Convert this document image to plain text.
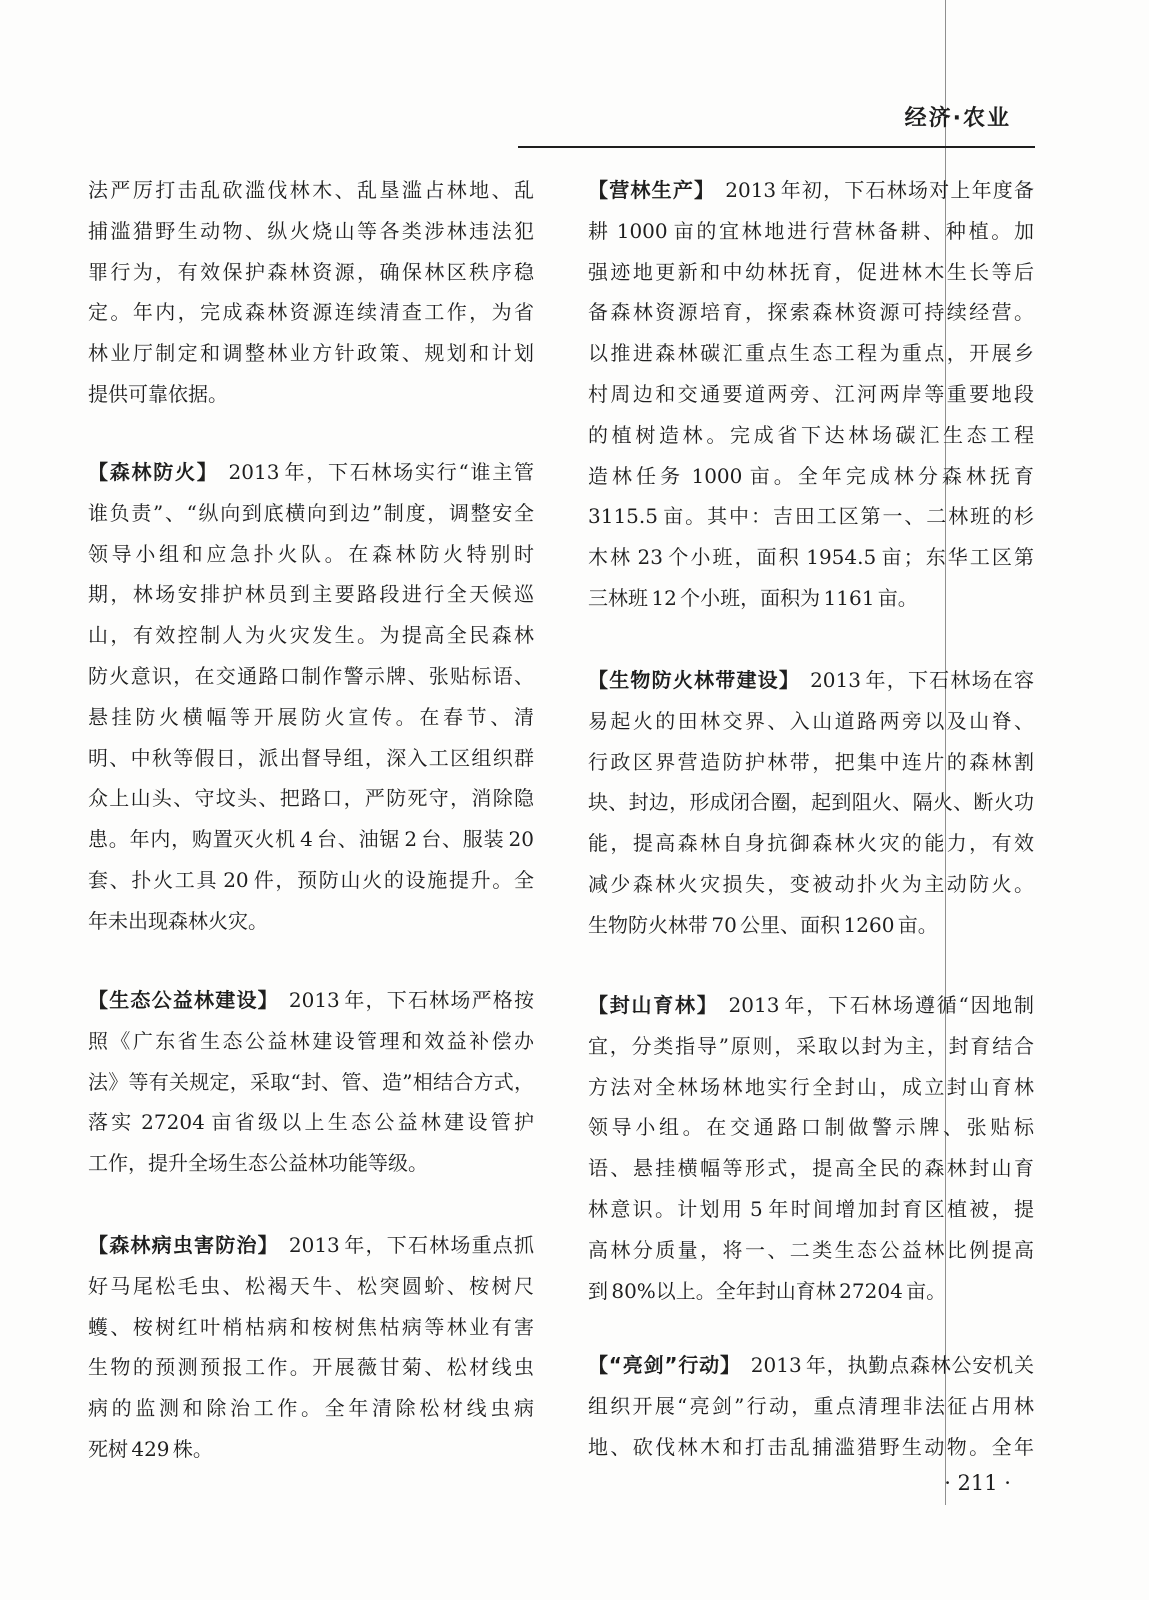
经济·农业
法严厉打击乱砍滥伐林木、乱垦滥占林地、乱
捕滥猎野生动物、纵火烧山等各类涉林违法犯
罪行为，有效保护森林资源，确保林区秩序稳
定。年内，完成森林资源连续清查工作，为省
林业厅制定和调整林业方针政策、规划和计划
提供可靠依据。
【森林防火】 2013 年，下石林场实行“谁主管
谁负责”、“纵向到底横向到边”制度，调整安全
领导小组和应急扑火队。在森林防火特别时
期，林场安排护林员到主要路段进行全天候巡
山，有效控制人为火灾发生。为提高全民森林
防火意识，在交通路口制作警示牌、张贴标语、
悬挂防火横幅等开展防火宣传。在春节、清
明、中秋等假日，派出督导组，深入工区组织群
众上山头、守坟头、把路口，严防死守，消除隐
患。年内，购置灭火机 4 台、油锯 2 台、服装 20
套、扑火工具 20 件，预防山火的设施提升。全
年未出现森林火灾。
【生态公益林建设】 2013 年，下石林场严格按
照《广东省生态公益林建设管理和效益补偿办
法》等有关规定，采取“封、管、造”相结合方式，
落实 27204 亩省级以上生态公益林建设管护
工作，提升全场生态公益林功能等级。
【森林病虫害防治】 2013 年，下石林场重点抓
好马尾松毛虫、松褐天牛、松突圆蚧、桉树尺
蠖、桉树红叶梢枯病和桉树焦枯病等林业有害
生物的预测预报工作。开展薇甘菊、松材线虫
病的监测和除治工作。全年清除松材线虫病
死树 429 株。
【营林生产】 2013 年初，下石林场对上年度备
耕 1000 亩的宜林地进行营林备耕、种植。加
强迹地更新和中幼林抚育，促进林木生长等后
备森林资源培育，探索森林资源可持续经营。
以推进森林碳汇重点生态工程为重点，开展乡
村周边和交通要道两旁、江河两岸等重要地段
的植树造林。完成省下达林场碳汇生态工程
造林任务 1000 亩。全年完成林分森林抚育
3115.5 亩。其中：吉田工区第一、二林班的杉
木林 23 个小班，面积 1954.5 亩；东华工区第
三林班 12 个小班，面积为 1161 亩。
【生物防火林带建设】 2013 年，下石林场在容
易起火的田林交界、入山道路两旁以及山脊、
行政区界营造防护林带，把集中连片的森林割
块、封边，形成闭合圈，起到阻火、隔火、断火功
能，提高森林自身抗御森林火灾的能力，有效
减少森林火灾损失，变被动扑火为主动防火。
生物防火林带 70 公里、面积 1260 亩。
【封山育林】 2013 年，下石林场遵循“因地制
宜，分类指导”原则，采取以封为主，封育结合
方法对全林场林地实行全封山，成立封山育林
领导小组。在交通路口制做警示牌、张贴标
语、悬挂横幅等形式，提高全民的森林封山育
林意识。计划用 5 年时间增加封育区植被，提
高林分质量，将一、二类生态公益林比例提高
到 80%以上。全年封山育林 27204 亩。
【“亮剑”行动】 2013 年，执勤点森林公安机关
组织开展“亮剑”行动，重点清理非法征占用林
地、砍伐林木和打击乱捕滥猎野生动物。全年
· 211 ·
